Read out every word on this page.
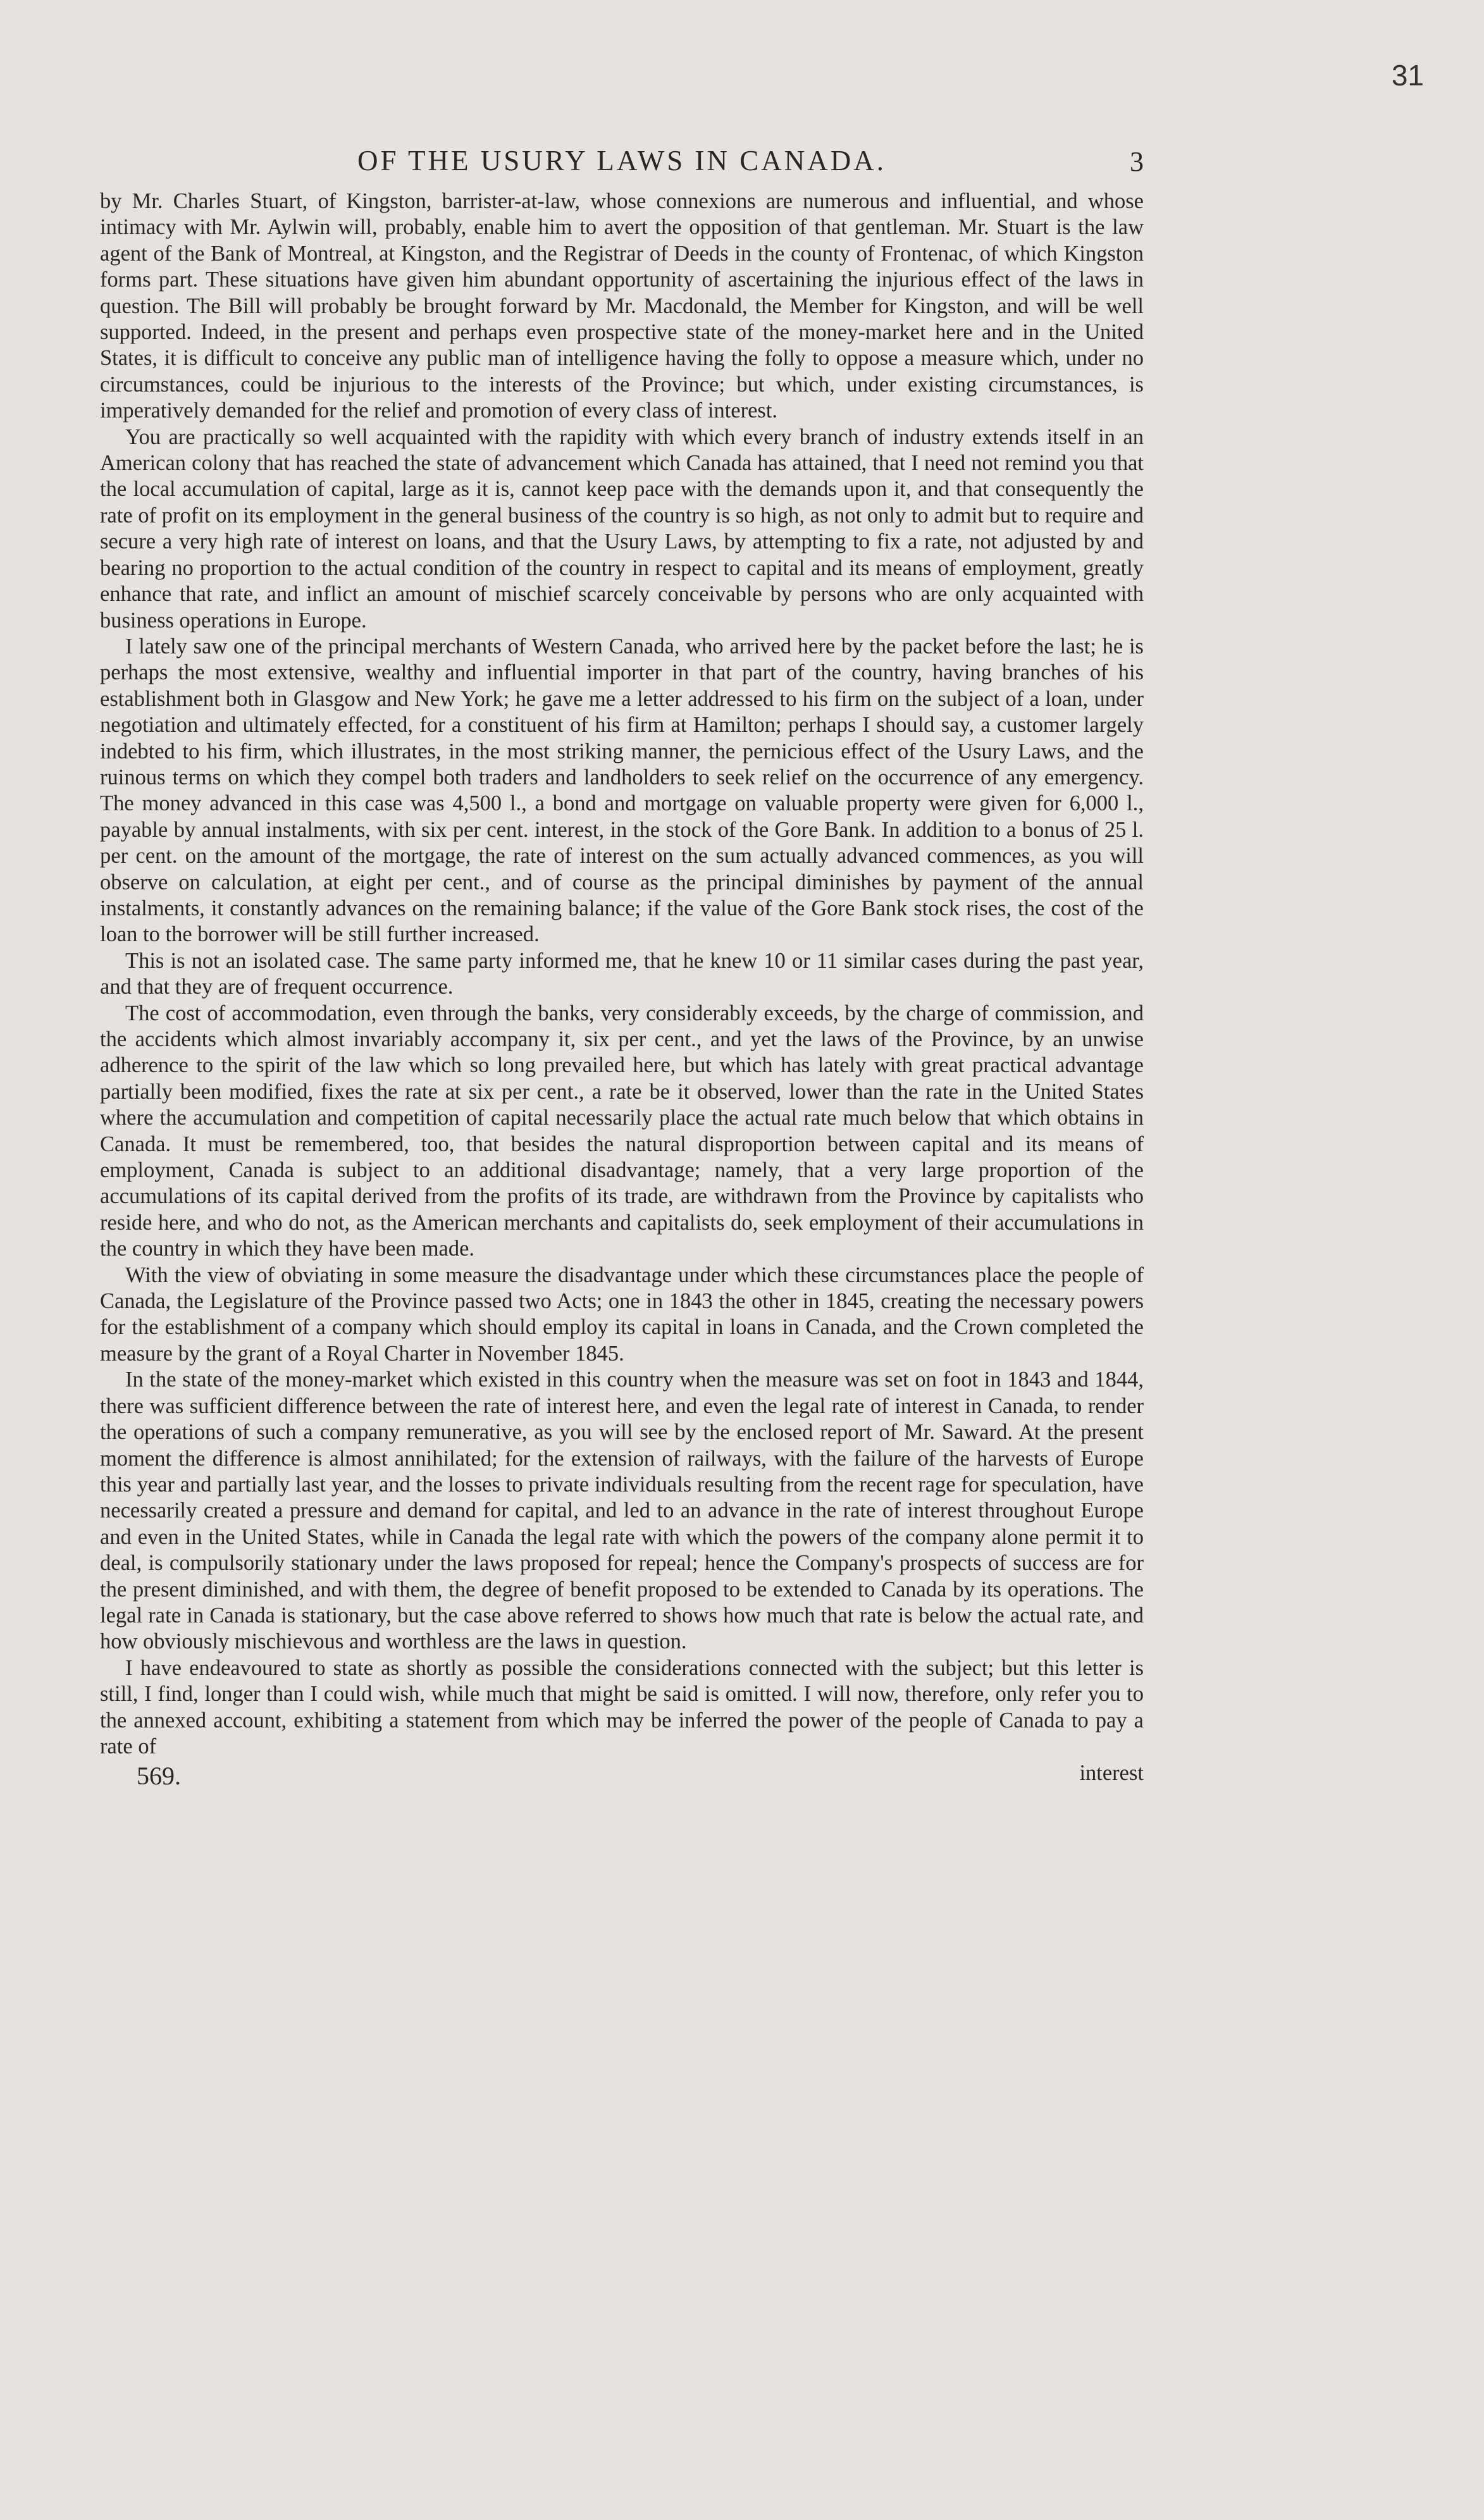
31
OF THE USURY LAWS IN CANADA.	3

by Mr. Charles Stuart, of Kingston, barrister-at-law, whose connexions are numerous and influential, and whose intimacy with Mr. Aylwin will, probably, enable him to avert the opposition of that gentleman. Mr. Stuart is the law agent of the Bank of Montreal, at Kingston, and the Registrar of Deeds in the county of Frontenac, of which Kingston forms part. These situations have given him abundant opportunity of ascertaining the injurious effect of the laws in question. The Bill will probably be brought forward by Mr. Macdonald, the Member for Kingston, and will be well supported. Indeed, in the present and perhaps even prospective state of the money-market here and in the United States, it is difficult to conceive any public man of intelligence having the folly to oppose a measure which, under no circumstances, could be injurious to the interests of the Province; but which, under existing circumstances, is imperatively demanded for the relief and promotion of every class of interest.

You are practically so well acquainted with the rapidity with which every branch of industry extends itself in an American colony that has reached the state of advancement which Canada has attained, that I need not remind you that the local accumulation of capital, large as it is, cannot keep pace with the demands upon it, and that consequently the rate of profit on its employment in the general business of the country is so high, as not only to admit but to require and secure a very high rate of interest on loans, and that the Usury Laws, by attempting to fix a rate, not adjusted by and bearing no proportion to the actual condition of the country in respect to capital and its means of employment, greatly enhance that rate, and inflict an amount of mischief scarcely conceivable by persons who are only acquainted with business operations in Europe.

I lately saw one of the principal merchants of Western Canada, who arrived here by the packet before the last; he is perhaps the most extensive, wealthy and influential importer in that part of the country, having branches of his establishment both in Glasgow and New York; he gave me a letter addressed to his firm on the subject of a loan, under negotiation and ultimately effected, for a constituent of his firm at Hamilton; perhaps I should say, a customer largely indebted to his firm, which illustrates, in the most striking manner, the pernicious effect of the Usury Laws, and the ruinous terms on which they compel both traders and landholders to seek relief on the occurrence of any emergency. The money advanced in this case was 4,500 l., a bond and mortgage on valuable property were given for 6,000 l., payable by annual instalments, with six per cent. interest, in the stock of the Gore Bank. In addition to a bonus of 25 l. per cent. on the amount of the mortgage, the rate of interest on the sum actually advanced commences, as you will observe on calculation, at eight per cent., and of course as the principal diminishes by payment of the annual instalments, it constantly advances on the remaining balance; if the value of the Gore Bank stock rises, the cost of the loan to the borrower will be still further increased.

This is not an isolated case. The same party informed me, that he knew 10 or 11 similar cases during the past year, and that they are of frequent occurrence.

The cost of accommodation, even through the banks, very considerably exceeds, by the charge of commission, and the accidents which almost invariably accompany it, six per cent., and yet the laws of the Province, by an unwise adherence to the spirit of the law which so long prevailed here, but which has lately with great practical advantage partially been modified, fixes the rate at six per cent., a rate be it observed, lower than the rate in the United States where the accumulation and competition of capital necessarily place the actual rate much below that which obtains in Canada. It must be remembered, too, that besides the natural disproportion between capital and its means of employment, Canada is subject to an additional disadvantage; namely, that a very large proportion of the accumulations of its capital derived from the profits of its trade, are withdrawn from the Province by capitalists who reside here, and who do not, as the American merchants and capitalists do, seek employment of their accumulations in the country in which they have been made.

With the view of obviating in some measure the disadvantage under which these circumstances place the people of Canada, the Legislature of the Province passed two Acts; one in 1843 the other in 1845, creating the necessary powers for the establishment of a company which should employ its capital in loans in Canada, and the Crown completed the measure by the grant of a Royal Charter in November 1845.

In the state of the money-market which existed in this country when the measure was set on foot in 1843 and 1844, there was sufficient difference between the rate of interest here, and even the legal rate of interest in Canada, to render the operations of such a company remunerative, as you will see by the enclosed report of Mr. Saward. At the present moment the difference is almost annihilated; for the extension of railways, with the failure of the harvests of Europe this year and partially last year, and the losses to private individuals resulting from the recent rage for speculation, have necessarily created a pressure and demand for capital, and led to an advance in the rate of interest throughout Europe and even in the United States, while in Canada the legal rate with which the powers of the company alone permit it to deal, is compulsorily stationary under the laws proposed for repeal; hence the Company's prospects of success are for the present diminished, and with them, the degree of benefit proposed to be extended to Canada by its operations. The legal rate in Canada is stationary, but the case above referred to shows how much that rate is below the actual rate, and how obviously mischievous and worthless are the laws in question.

I have endeavoured to state as shortly as possible the considerations connected with the subject; but this letter is still, I find, longer than I could wish, while much that might be said is omitted. I will now, therefore, only refer you to the annexed account, exhibiting a statement from which may be inferred the power of the people of Canada to pay a rate of

569.	interest
